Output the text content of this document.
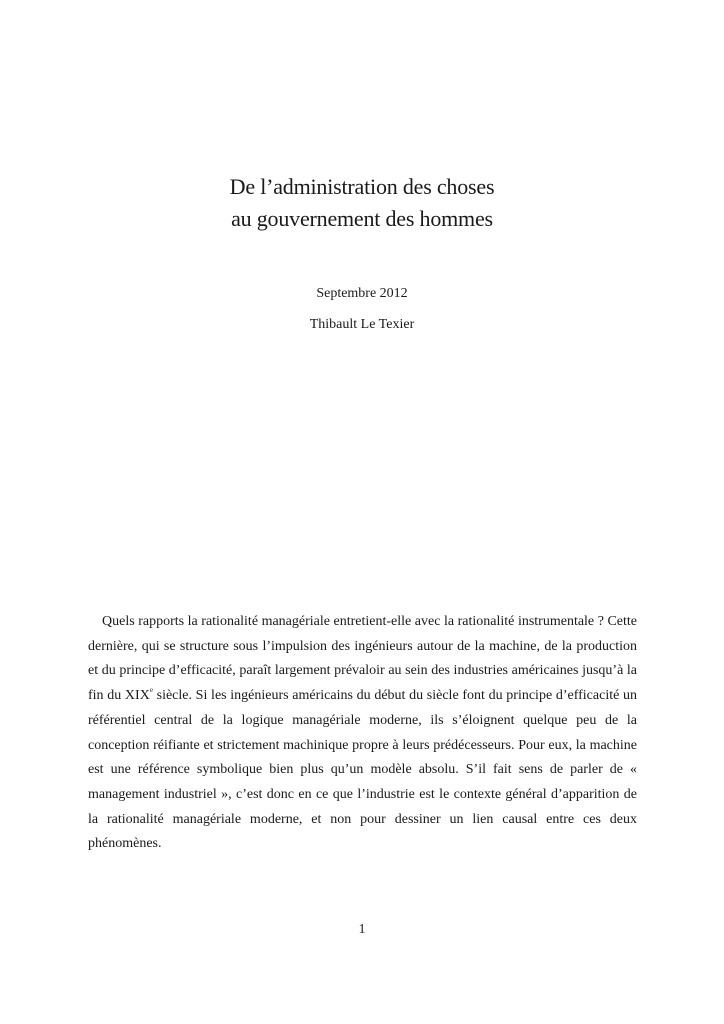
De l’administration des choses
au gouvernement des hommes

Septembre 2012

Thibault Le Texier

Quels rapports la rationalité managériale entretient-elle avec la rationalité instrumentale ? Cette dernière, qui se structure sous l’impulsion des ingénieurs autour de la machine, de la production et du principe d’efficacité, paraît largement prévaloir au sein des industries américaines jusqu’à la fin du XIXe siècle. Si les ingénieurs américains du début du siècle font du principe d’efficacité un référentiel central de la logique managériale moderne, ils s’éloignent quelque peu de la conception réifiante et strictement machinique propre à leurs prédécesseurs. Pour eux, la machine est une référence symbolique bien plus qu’un modèle absolu. S’il fait sens de parler de « management industriel », c’est donc en ce que l’industrie est le contexte général d’apparition de la rationalité managériale moderne, et non pour dessiner un lien causal entre ces deux phénomènes.

1
